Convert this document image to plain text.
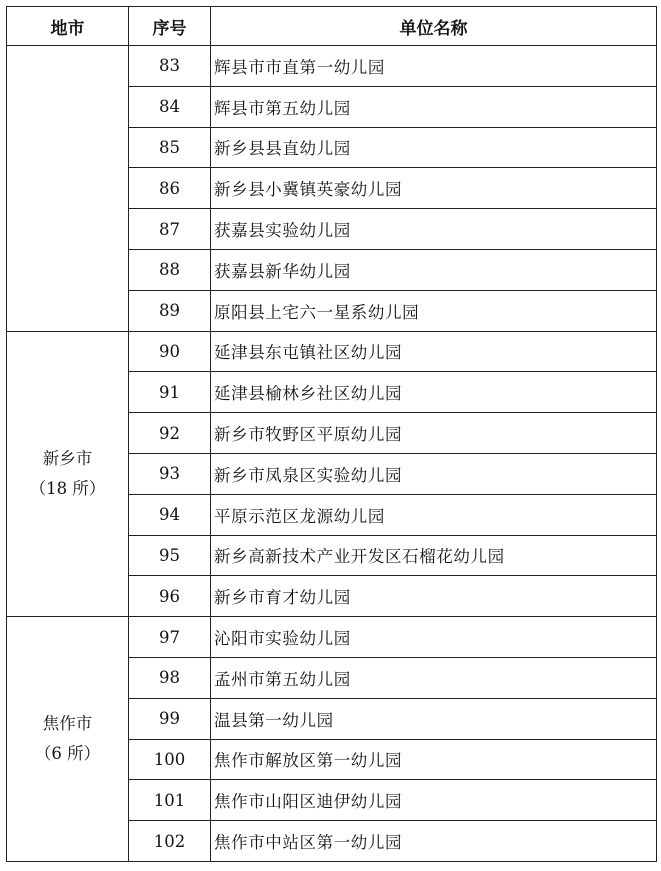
地市	序号	单位名称

	83	辉县市市直第一幼儿园
	84	辉县市第五幼儿园
	85	新乡县县直幼儿园
	86	新乡县小冀镇英豪幼儿园
	87	获嘉县实验幼儿园
	88	获嘉县新华幼儿园
	89	原阳县上宅六一星系幼儿园

新乡市
（18 所）	90	延津县东屯镇社区幼儿园
	91	延津县榆林乡社区幼儿园
	92	新乡市牧野区平原幼儿园
	93	新乡市凤泉区实验幼儿园
	94	平原示范区龙源幼儿园
	95	新乡高新技术产业开发区石榴花幼儿园
	96	新乡市育才幼儿园

焦作市
（6 所）	97	沁阳市实验幼儿园
	98	孟州市第五幼儿园
	99	温县第一幼儿园
	100	焦作市解放区第一幼儿园
	101	焦作市山阳区迪伊幼儿园
	102	焦作市中站区第一幼儿园
